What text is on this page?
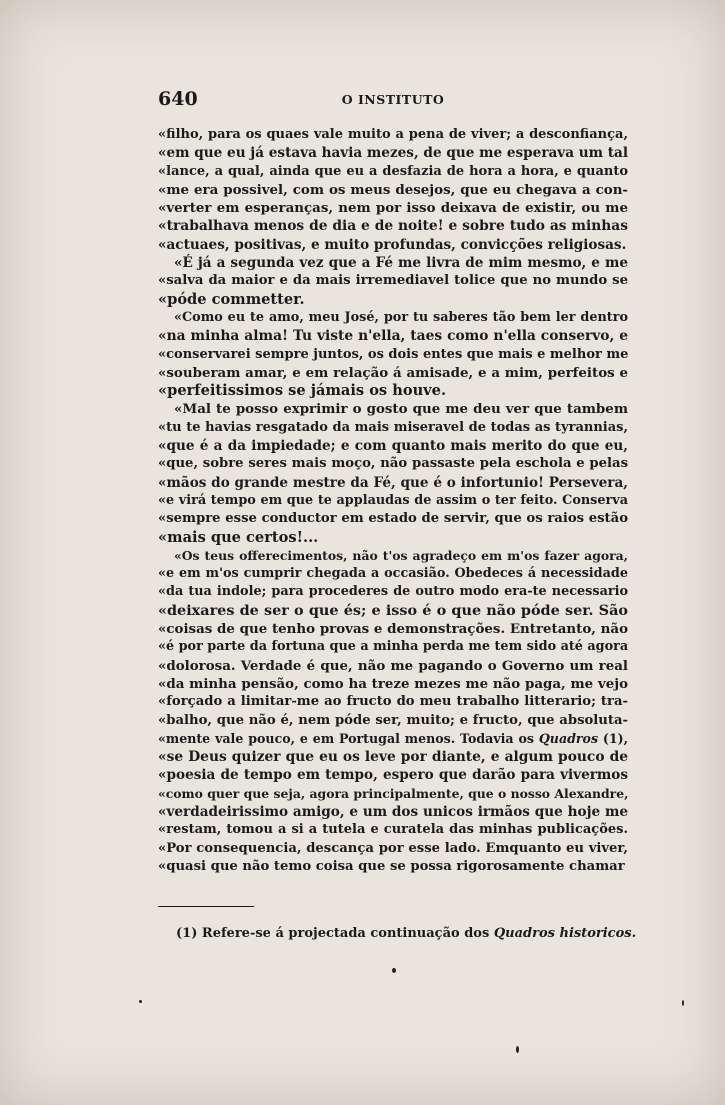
640	O INSTITUTO
«filho, para os quaes vale muito a pena de viver; a desconfiança,
«em que eu já estava havia mezes, de que me esperava um tal
«lance, a qual, ainda que eu a desfazia de hora a hora, e quanto
«me era possivel, com os meus desejos, que eu chegava a con-
«verter em esperanças, nem por isso deixava de existir, ou me
«trabalhava menos de dia e de noite! e sobre tudo as minhas
«actuaes, positivas, e muito profundas, convicções religiosas.
«É já a segunda vez que a Fé me livra de mim mesmo, e me
«salva da maior e da mais irremediavel tolice que no mundo se
«póde commetter.
«Como eu te amo, meu José, por tu saberes tão bem ler dentro
«na minha alma! Tu viste n'ella, taes como n'ella conservo, e
«conservarei sempre juntos, os dois entes que mais e melhor me
«souberam amar, e em relação á amisade, e a mim, perfeitos e
«perfeitissimos se jámais os houve.
«Mal te posso exprimir o gosto que me deu ver que tambem
«tu te havias resgatado da mais miseravel de todas as tyrannias,
«que é a da impiedade; e com quanto mais merito do que eu,
«que, sobre seres mais moço, não passaste pela eschola e pelas
«mãos do grande mestre da Fé, que é o infortunio! Persevera,
«e virá tempo em que te applaudas de assim o ter feito. Conserva
«sempre esse conductor em estado de servir, que os raios estão
«mais que certos!...
«Os teus offerecimentos, não t'os agradeço em m'os fazer agora,
«e em m'os cumprir chegada a occasião. Obedeces á necessidade
«da tua indole; para procederes de outro modo era-te necessario
«deixares de ser o que és; e isso é o que não póde ser. São
«coisas de que tenho provas e demonstrações. Entretanto, não
«é por parte da fortuna que a minha perda me tem sido até agora
«dolorosa. Verdade é que, não me pagando o Governo um real
«da minha pensão, como ha treze mezes me não paga, me vejo
«forçado a limitar-me ao fructo do meu trabalho litterario; tra-
«balho, que não é, nem póde ser, muito; e fructo, que absoluta-
«mente vale pouco, e em Portugal menos. Todavia os Quadros (1),
«se Deus quizer que eu os leve por diante, e algum pouco de
«poesia de tempo em tempo, espero que darão para vivermos
«como quer que seja, agora principalmente, que o nosso Alexandre,
«verdadeirissimo amigo, e um dos unicos irmãos que hoje me
«restam, tomou a si a tutela e curatela das minhas publicações.
«Por consequencia, descança por esse lado. Emquanto eu viver,
«quasi que não temo coisa que se possa rigorosamente chamar
(1) Refere-se á projectada continuação dos Quadros historicos.
